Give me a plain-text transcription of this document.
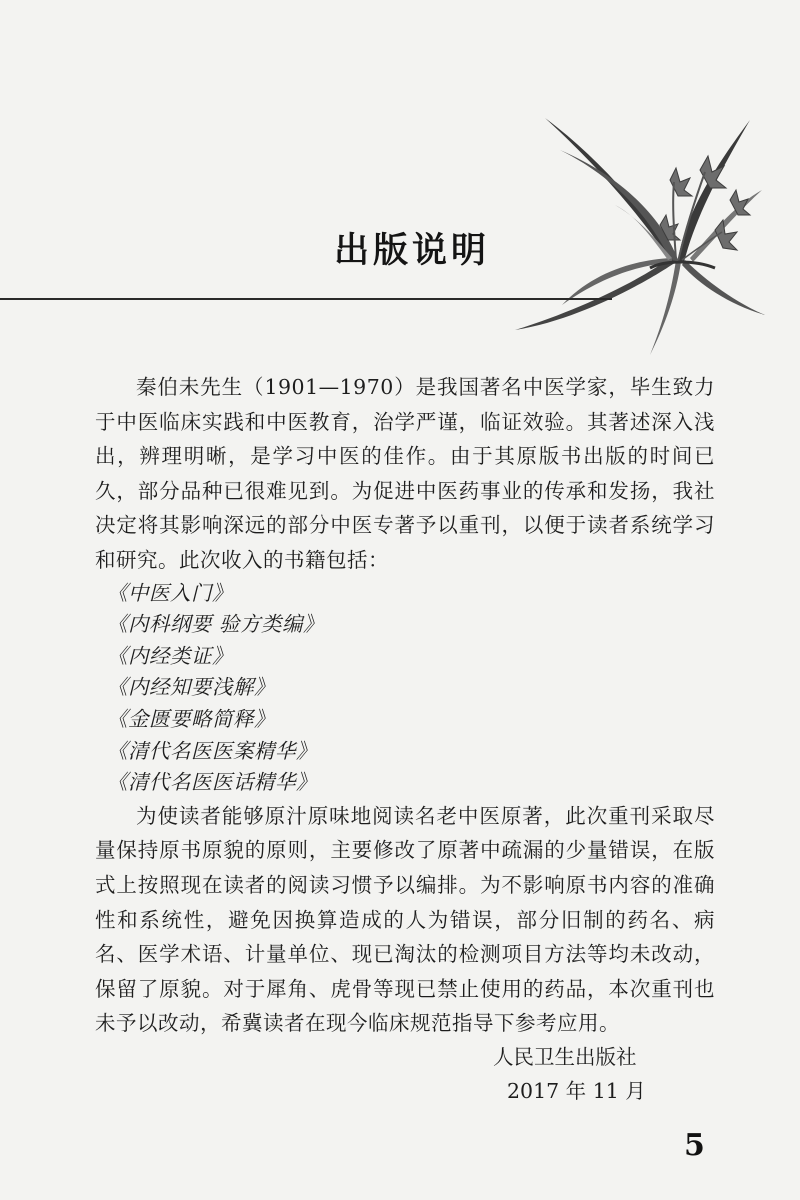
出版说明

秦伯未先生（1901—1970）是我国著名中医学家，毕生致力于中医临床实践和中医教育，治学严谨，临证效验。其著述深入浅出，辨理明晰，是学习中医的佳作。由于其原版书出版的时间已久，部分品种已很难见到。为促进中医药事业的传承和发扬，我社决定将其影响深远的部分中医专著予以重刊，以便于读者系统学习和研究。此次收入的书籍包括：

《中医入门》
《内科纲要 验方类编》
《内经类证》
《内经知要浅解》
《金匮要略简释》
《清代名医医案精华》
《清代名医医话精华》

为使读者能够原汁原味地阅读名老中医原著，此次重刊采取尽量保持原书原貌的原则，主要修改了原著中疏漏的少量错误，在版式上按照现在读者的阅读习惯予以编排。为不影响原书内容的准确性和系统性，避免因换算造成的人为错误，部分旧制的药名、病名、医学术语、计量单位、现已淘汰的检测项目方法等均未改动，保留了原貌。对于犀角、虎骨等现已禁止使用的药品，本次重刊也未予以改动，希冀读者在现今临床规范指导下参考应用。

人民卫生出版社
2017 年 11 月
5
